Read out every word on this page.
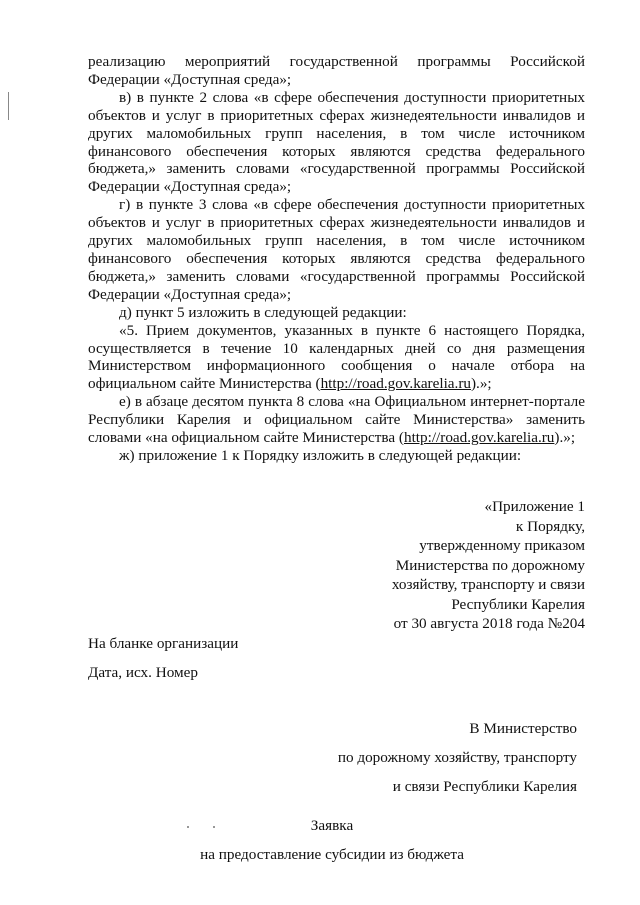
реализацию мероприятий государственной программы Российской Федерации «Доступная среда»;

в) в пункте 2 слова «в сфере обеспечения доступности приоритетных объектов и услуг в приоритетных сферах жизнедеятельности инвалидов и других маломобильных групп населения, в том числе источником финансового обеспечения которых являются средства федерального бюджета,» заменить словами «государственной программы Российской Федерации «Доступная среда»;

г) в пункте 3 слова «в сфере обеспечения доступности приоритетных объектов и услуг в приоритетных сферах жизнедеятельности инвалидов и других маломобильных групп населения, в том числе источником финансового обеспечения которых являются средства федерального бюджета,» заменить словами «государственной программы Российской Федерации «Доступная среда»;

д) пункт 5 изложить в следующей редакции:

«5. Прием документов, указанных в пункте 6 настоящего Порядка, осуществляется в течение 10 календарных дней со дня размещения Министерством информационного сообщения о начале отбора на официальном сайте Министерства (http://road.gov.karelia.ru).»;

е) в абзаце десятом пункта 8 слова «на Официальном интернет-портале Республики Карелия и официальном сайте Министерства» заменить словами «на официальном сайте Министерства (http://road.gov.karelia.ru).»;

ж) приложение 1 к Порядку изложить в следующей редакции:

«Приложение 1
к Порядку,
утвержденному приказом
Министерства по дорожному
хозяйству, транспорту и связи
Республики Карелия
от 30 августа 2018 года №204
На бланке организации
Дата, исх. Номер
В Министерство
по дорожному хозяйству, транспорту
и связи Республики Карелия
Заявка
на предоставление субсидии из бюджета
